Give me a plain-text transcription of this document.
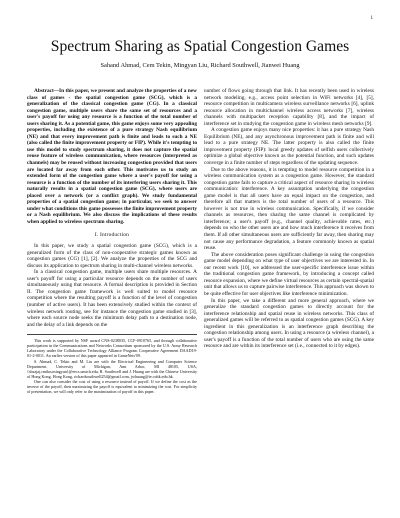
1
Spectrum Sharing as Spatial Congestion Games
Sahand Ahmad, Cem Tekin, Mingyan Liu, Richard Southwell, Jianwei Huang

Abstract—In this paper, we present and analyze the properties of a new class of games - the spatial congestion game (SCG), which is a generalization of the classical congestion game (CG). In a classical congestion game, multiple users share the same set of resources and a user's payoff for using any resource is a function of the total number of users sharing it. As a potential game, this game enjoys some very appealing properties, including the existence of a pure strategy Nash equilibrium (NE) and that every improvement path is finite and leads to such a NE (also called the finite improvement property or FIP). While it's tempting to use this model to study spectrum sharing, it does not capture the spatial reuse feature of wireless communication, where resources (interpreted as channels) may be reused without increasing congestion provided that users are located far away from each other. This motivates us to study an extended form of the congestion game where a user's payoff for using a resource is a function of the number of its interfering users sharing it. This naturally results in a spatial congestion game (SCG), where users are placed over a network (or a conflict graph). We study fundamental properties of a spatial congestion game; in particular, we seek to answer under what conditions this game possesses the finite improvement property or a Nash equilibrium. We also discuss the implications of these results when applied to wireless spectrum sharing.

I. Introduction

In this paper, we study a spatial congestion game (SCG), which is a generalized form of the class of non-cooperative strategic games known as congestion games (CG) [1], [2]. We analyze the properties of the SCG and discuss its application to spectrum sharing in multi-channel wireless networks.

In a classical congestion game, multiple users share multiple resources. A user's payoff for using a particular resource depends on the number of users simultaneously using that resource. A formal description is provided in Section II. The congestion game framework is well suited to model resource competition where the resulting payoff is a function of the level of congestion (number of active users). It has been extensively studied within the context of wireless network routing, see for instance the congestion game studied in [3], where each source node seeks the minimum delay path to a destination node, and the delay of a link depends on the

This work is supported by NSF award CNS-0238035, CCF-0910765, and through collaborative participation in the Communications and Networks Consortium sponsored by the U.S. Army Research Laboratory under the Collaborative Technology Alliance Program Cooperative Agreement DAAD19-01-2-0011. An earlier version of this paper appeared in GameNets'09.

S. Ahmad, C. Tekin and M. Liu are with the Electrical Engineering and Computer Science Department, University of Michigan, Ann Arbor, MI 48105, USA, {shsajaj,cmtkn,mingyan}@eecs.umich.edu, R. Southwell and J. Huang are with the Chinese University of Hong Kong, Hong Kong, richardsouthwell254@gmail.com, jwhuang@ie.cuhk.edu.hk.

One can also consider the cost of using a resource instead of payoff. If we define the cost as the inverse of the payoff, then maximizing the payoff is equivalent to minimizing the cost. For simplicity of presentation, we will only refer to the maximization of payoff in this paper.

number of flows going through that link. It has recently been used in wireless network modeling, e.g., access point selection in WiFi networks [4], [5], resource competition in multicamera wireless surveillance networks [6], uplink resource allocation in multichannel wireless access networks [7], wireless channels with multipacket reception capability [8], and the impact of interference set in studying the congestion game in wireless mesh networks [9].

A congestion game enjoys many nice properties: it has a pure strategy Nash Equilibrium (NE), and any asynchronous improvement path is finite and will lead to a pure strategy NE. The latter property is also called the finite improvement property (FIP): local greedy updates of selfish users collectively optimize a global objective known as the potential function, and such updates converge in a finite number of steps regardless of the updating sequence.

Due to the above reasons, it is tempting to model resource competition in a wireless communication system as a congestion game. However, the standard congestion game fails to capture a critical aspect of resource sharing in wireless communication: interference. A key assumption underlying the congestion game model is that all users have an equal impact on the congestion, and therefore all that matters is the total number of users of a resource. This however is not true in wireless communication. Specifically, if we consider channels as resources, then sharing the same channel is complicated by interference; a user's payoff (e.g., channel quality, achievable rates, etc.) depends on who the other users are and how much interference it receives from them. If all other simultaneous users are sufficiently far away, then sharing may not cause any performance degradation, a feature commonly known as spatial reuse.

The above consideration poses significant challenge in using the congestion game model depending on what type of user objectives we are interested in. In our recent work [10], we addressed the user-specific interference issue within the traditional congestion game framework, by introducing a concept called resource expansion, where we define virtual resources as certain spectral-spatial unit that allows us to capture pairwise interference. This approach was shown to be quite effective for user objectives like interference minimization.

In this paper, we take a different and more general approach, where we generalize the standard congestion games to directly account for the interference relationship and spatial reuse in wireless networks. This class of generalized games will be referred to as spatial congestion games (SCG). A key ingredient in this generalization is an interference graph describing the congestion relationship among users. In using a resource (a wireless channel), a user's payoff is a function of the total number of users who are using the same resource and are within its interference set (i.e., connected to it by edges).
